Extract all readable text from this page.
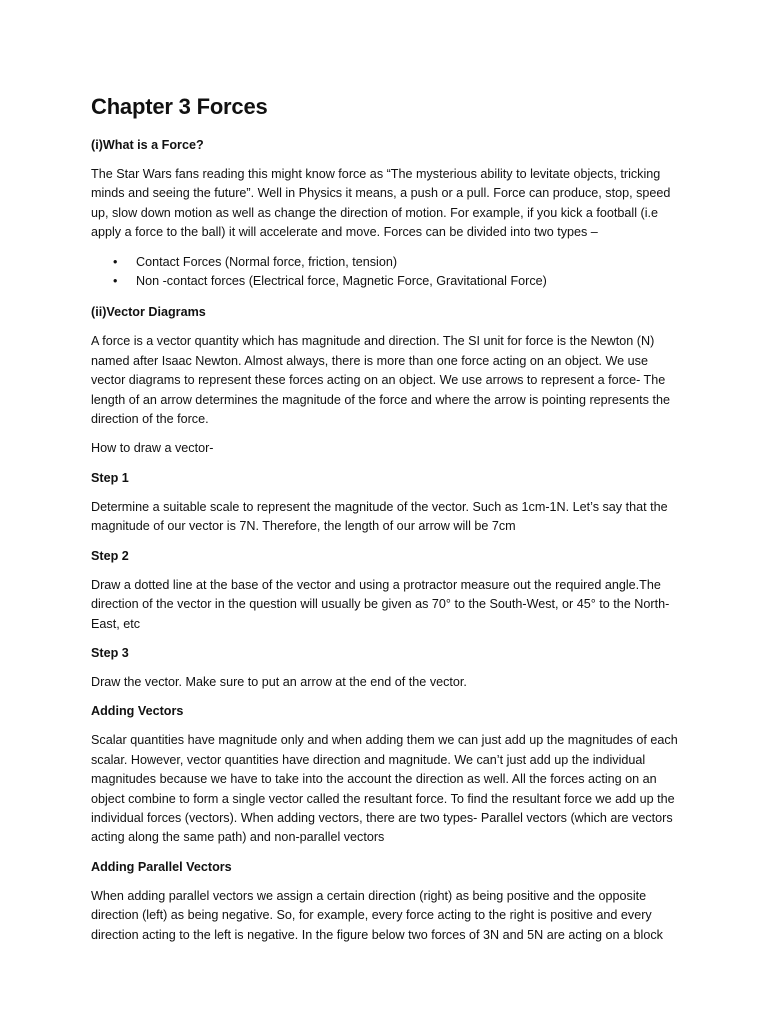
Chapter 3 Forces
(i)What is a Force?
The Star Wars fans reading this might know force as “The mysterious ability to levitate objects, tricking minds and seeing the future”. Well in Physics it means, a push or a pull. Force can produce, stop, speed up, slow down motion as well as change the direction of motion. For example, if you kick a football (i.e apply a force to the ball) it will accelerate and move. Forces can be divided into two types –
• Contact Forces (Normal force, friction, tension)
• Non -contact forces (Electrical force, Magnetic Force, Gravitational Force)
(ii)Vector Diagrams
A force is a vector quantity which has magnitude and direction. The SI unit for force is the Newton (N) named after Isaac Newton. Almost always, there is more than one force acting on an object. We use vector diagrams to represent these forces acting on an object. We use arrows to represent a force- The length of an arrow determines the magnitude of the force and where the arrow is pointing represents the direction of the force.
How to draw a vector-
Step 1
Determine a suitable scale to represent the magnitude of the vector. Such as 1cm-1N. Let’s say that the magnitude of our vector is 7N. Therefore, the length of our arrow will be 7cm
Step 2
Draw a dotted line at the base of the vector and using a protractor measure out the required angle.The direction of the vector in the question will usually be given as 70° to the South-West, or 45° to the North-East, etc
Step 3
Draw the vector. Make sure to put an arrow at the end of the vector.
Adding Vectors
Scalar quantities have magnitude only and when adding them we can just add up the magnitudes of each scalar. However, vector quantities have direction and magnitude. We can’t just add up the individual magnitudes because we have to take into the account the direction as well. All the forces acting on an object combine to form a single vector called the resultant force. To find the resultant force we add up the individual forces (vectors). When adding vectors, there are two types- Parallel vectors (which are vectors acting along the same path) and non-parallel vectors
Adding Parallel Vectors
When adding parallel vectors we assign a certain direction (right) as being positive and the opposite direction (left) as being negative. So, for example, every force acting to the right is positive and every direction acting to the left is negative. In the figure below two forces of 3N and 5N are acting on a block
